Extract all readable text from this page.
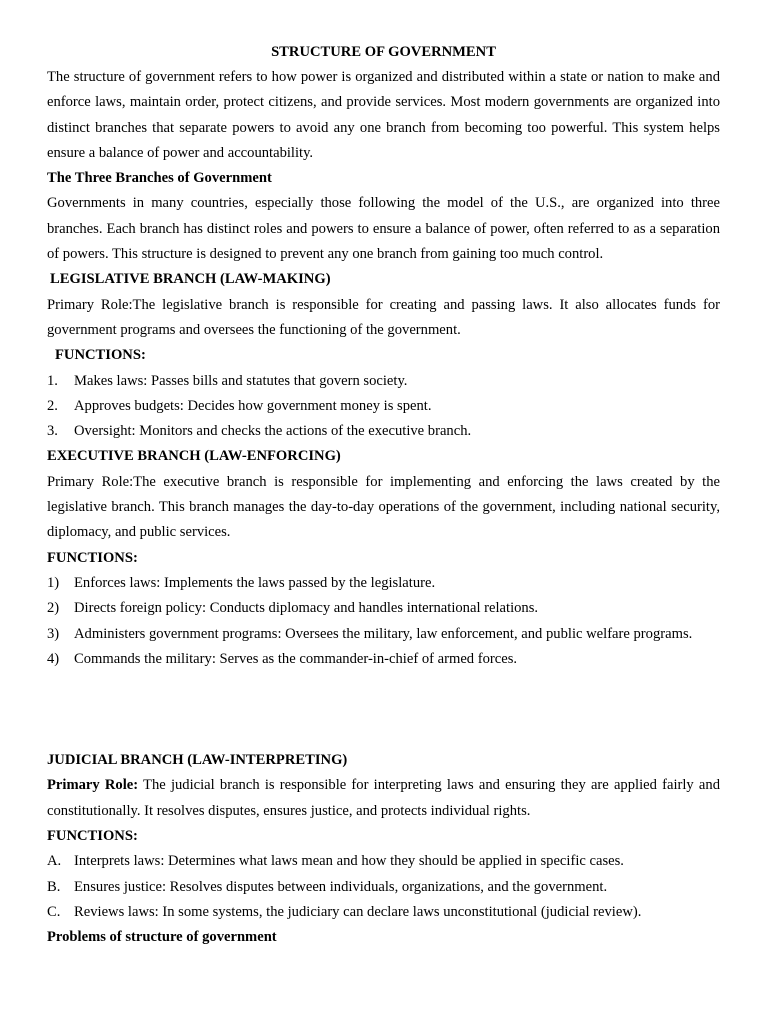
STRUCTURE OF GOVERNMENT

The structure of government refers to how power is organized and distributed within a state or nation to make and enforce laws, maintain order, protect citizens, and provide services. Most modern governments are organized into distinct branches that separate powers to avoid any one branch from becoming too powerful. This system helps ensure a balance of power and accountability.

The Three Branches of Government

Governments in many countries, especially those following the model of the U.S., are organized into three branches. Each branch has distinct roles and powers to ensure a balance of power, often referred to as a separation of powers. This structure is designed to prevent any one branch from gaining too much control.

LEGISLATIVE BRANCH (LAW-MAKING)

Primary Role:The legislative branch is responsible for creating and passing laws. It also allocates funds for government programs and oversees the functioning of the government.

FUNCTIONS:
1.	Makes laws: Passes bills and statutes that govern society.
2.	Approves budgets: Decides how government money is spent.
3.	Oversight: Monitors and checks the actions of the executive branch.
EXECUTIVE BRANCH (LAW-ENFORCING)

Primary Role:The executive branch is responsible for implementing and enforcing the laws created by the legislative branch. This branch manages the day-to-day operations of the government, including national security, diplomacy, and public services.

FUNCTIONS:
1)	Enforces laws: Implements the laws passed by the legislature.
2)	Directs foreign policy: Conducts diplomacy and handles international relations.
3)	Administers government programs: Oversees the military, law enforcement, and public welfare programs.
4)	Commands the military: Serves as the commander-in-chief of armed forces.
JUDICIAL BRANCH (LAW-INTERPRETING)

Primary Role: The judicial branch is responsible for interpreting laws and ensuring they are applied fairly and constitutionally. It resolves disputes, ensures justice, and protects individual rights.

FUNCTIONS:
A. Interprets laws: Determines what laws mean and how they should be applied in specific cases.
B. Ensures justice: Resolves disputes between individuals, organizations, and the government.
C. Reviews laws: In some systems, the judiciary can declare laws unconstitutional (judicial review).
Problems of structure of government
